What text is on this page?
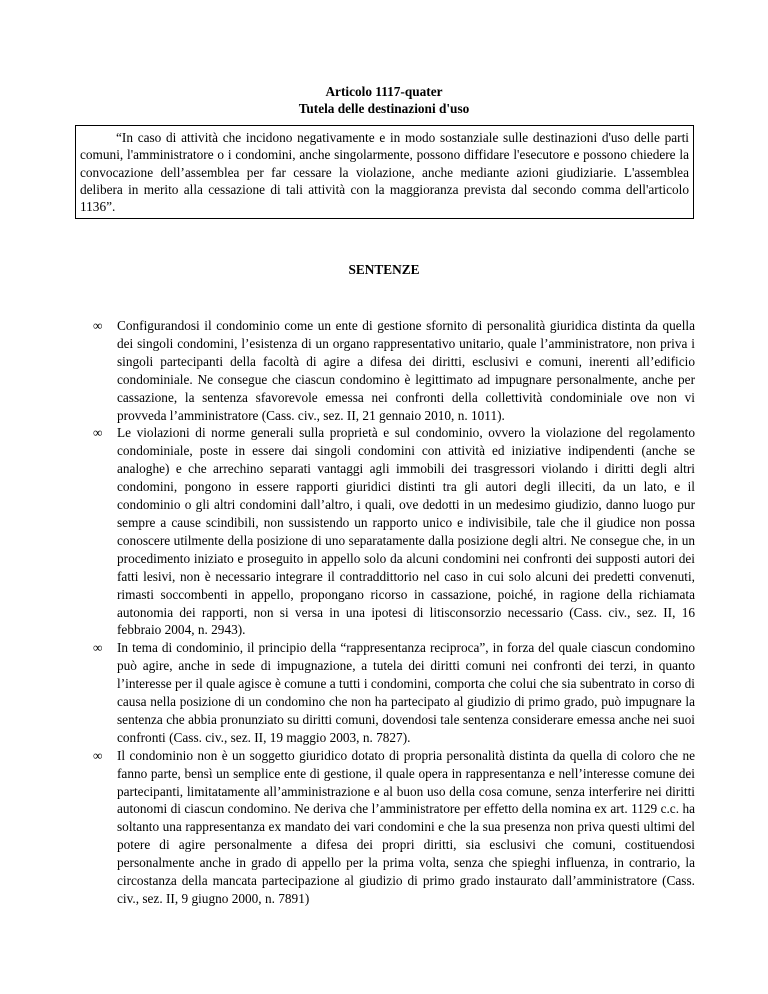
Articolo 1117-quater
Tutela delle destinazioni d'uso
“In caso di attività che incidono negativamente e in modo sostanziale sulle destinazioni d'uso delle parti comuni, l'amministratore o i condomini, anche singolarmente, possono diffidare l'esecutore e possono chiedere la convocazione dell’assemblea per far cessare la violazione, anche mediante azioni giudiziarie. L'assemblea delibera in merito alla cessazione di tali attività con la maggioranza prevista dal secondo comma dell'articolo 1136”.
SENTENZE
∞ Configurandosi il condominio come un ente di gestione sfornito di personalità giuridica distinta da quella dei singoli condomini, l’esistenza di un organo rappresentativo unitario, quale l’amministratore, non priva i singoli partecipanti della facoltà di agire a difesa dei diritti, esclusivi e comuni, inerenti all’edificio condominiale. Ne consegue che ciascun condomino è legittimato ad impugnare personalmente, anche per cassazione, la sentenza sfavorevole emessa nei confronti della collettività condominiale ove non vi provveda l’amministratore (Cass. civ., sez. II, 21 gennaio 2010, n. 1011).
∞ Le violazioni di norme generali sulla proprietà e sul condominio, ovvero la violazione del regolamento condominiale, poste in essere dai singoli condomini con attività ed iniziative indipendenti (anche se analoghe) e che arrechino separati vantaggi agli immobili dei trasgressori violando i diritti degli altri condomini, pongono in essere rapporti giuridici distinti tra gli autori degli illeciti, da un lato, e il condominio o gli altri condomini dall’altro, i quali, ove dedotti in un medesimo giudizio, danno luogo pur sempre a cause scindibili, non sussistendo un rapporto unico e indivisibile, tale che il giudice non possa conoscere utilmente della posizione di uno separatamente dalla posizione degli altri. Ne consegue che, in un procedimento iniziato e proseguito in appello solo da alcuni condomini nei confronti dei supposti autori dei fatti lesivi, non è necessario integrare il contraddittorio nel caso in cui solo alcuni dei predetti convenuti, rimasti soccombenti in appello, propongano ricorso in cassazione, poiché, in ragione della richiamata autonomia dei rapporti, non si versa in una ipotesi di litisconsorzio necessario (Cass. civ., sez. II, 16 febbraio 2004, n. 2943).
∞ In tema di condominio, il principio della “rappresentanza reciproca”, in forza del quale ciascun condomino può agire, anche in sede di impugnazione, a tutela dei diritti comuni nei confronti dei terzi, in quanto l’interesse per il quale agisce è comune a tutti i condomini, comporta che colui che sia subentrato in corso di causa nella posizione di un condomino che non ha partecipato al giudizio di primo grado, può impugnare la sentenza che abbia pronunziato su diritti comuni, dovendosi tale sentenza considerare emessa anche nei suoi confronti (Cass. civ., sez. II, 19 maggio 2003, n. 7827).
∞ Il condominio non è un soggetto giuridico dotato di propria personalità distinta da quella di coloro che ne fanno parte, bensì un semplice ente di gestione, il quale opera in rappresentanza e nell’interesse comune dei partecipanti, limitatamente all’amministrazione e al buon uso della cosa comune, senza interferire nei diritti autonomi di ciascun condomino. Ne deriva che l’amministratore per effetto della nomina ex art. 1129 c.c. ha soltanto una rappresentanza ex mandato dei vari condomini e che la sua presenza non priva questi ultimi del potere di agire personalmente a difesa dei propri diritti, sia esclusivi che comuni, costituendosi personalmente anche in grado di appello per la prima volta, senza che spieghi influenza, in contrario, la circostanza della mancata partecipazione al giudizio di primo grado instaurato dall’amministratore (Cass. civ., sez. II, 9 giugno 2000, n. 7891)
